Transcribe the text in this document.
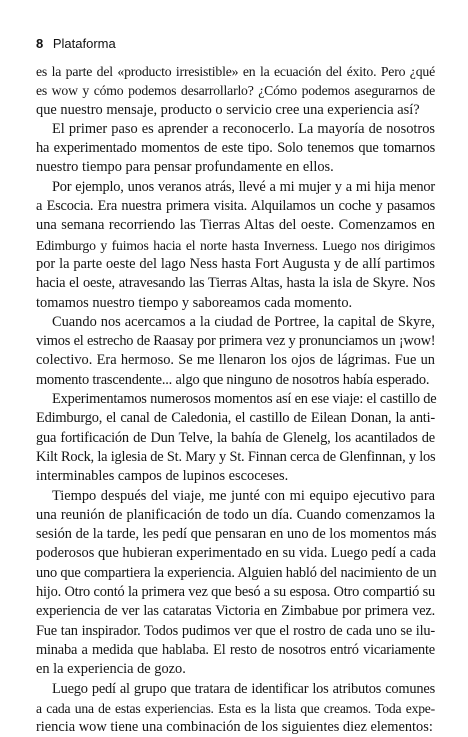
8 Plataforma
es la parte del «producto irresistible» en la ecuación del éxito. Pero ¿qué
es wow y cómo podemos desarrollarlo? ¿Cómo podemos asegurarnos de
que nuestro mensaje, producto o servicio cree una experiencia así?
El primer paso es aprender a reconocerlo. La mayoría de nosotros
ha experimentado momentos de este tipo. Solo tenemos que tomarnos
nuestro tiempo para pensar profundamente en ellos.
Por ejemplo, unos veranos atrás, llevé a mi mujer y a mi hija menor
a Escocia. Era nuestra primera visita. Alquilamos un coche y pasamos
una semana recorriendo las Tierras Altas del oeste. Comenzamos en
Edimburgo y fuimos hacia el norte hasta Inverness. Luego nos dirigimos
por la parte oeste del lago Ness hasta Fort Augusta y de allí partimos
hacia el oeste, atravesando las Tierras Altas, hasta la isla de Skyre. Nos
tomamos nuestro tiempo y saboreamos cada momento.
Cuando nos acercamos a la ciudad de Portree, la capital de Skyre,
vimos el estrecho de Raasay por primera vez y pronunciamos un ¡wow!
colectivo. Era hermoso. Se me llenaron los ojos de lágrimas. Fue un
momento trascendente... algo que ninguno de nosotros había esperado.
Experimentamos numerosos momentos así en ese viaje: el castillo de
Edimburgo, el canal de Caledonia, el castillo de Eilean Donan, la anti-
gua fortificación de Dun Telve, la bahía de Glenelg, los acantilados de
Kilt Rock, la iglesia de St. Mary y St. Finnan cerca de Glenfinnan, y los
interminables campos de lupinos escoceses.
Tiempo después del viaje, me junté con mi equipo ejecutivo para
una reunión de planificación de todo un día. Cuando comenzamos la
sesión de la tarde, les pedí que pensaran en uno de los momentos más
poderosos que hubieran experimentado en su vida. Luego pedí a cada
uno que compartiera la experiencia. Alguien habló del nacimiento de un
hijo. Otro contó la primera vez que besó a su esposa. Otro compartió su
experiencia de ver las cataratas Victoria en Zimbabue por primera vez.
Fue tan inspirador. Todos pudimos ver que el rostro de cada uno se ilu-
minaba a medida que hablaba. El resto de nosotros entró vicariamente
en la experiencia de gozo.
Luego pedí al grupo que tratara de identificar los atributos comunes
a cada una de estas experiencias. Esta es la lista que creamos. Toda expe-
riencia wow tiene una combinación de los siguientes diez elementos:
